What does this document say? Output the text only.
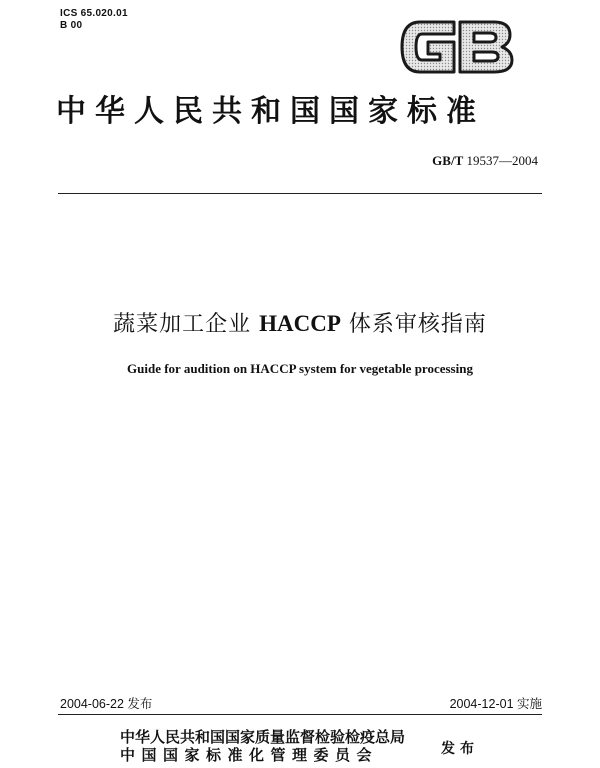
ICS 65.020.01
B 00
中华人民共和国国家标准
GB/T 19537—2004
蔬菜加工企业 HACCP 体系审核指南
Guide for audition on HACCP system for vegetable processing
2004-06-22 发布	2004-12-01 实施
中华人民共和国国家质量监督检验检疫总局
中国国家标准化管理委员会	发布
